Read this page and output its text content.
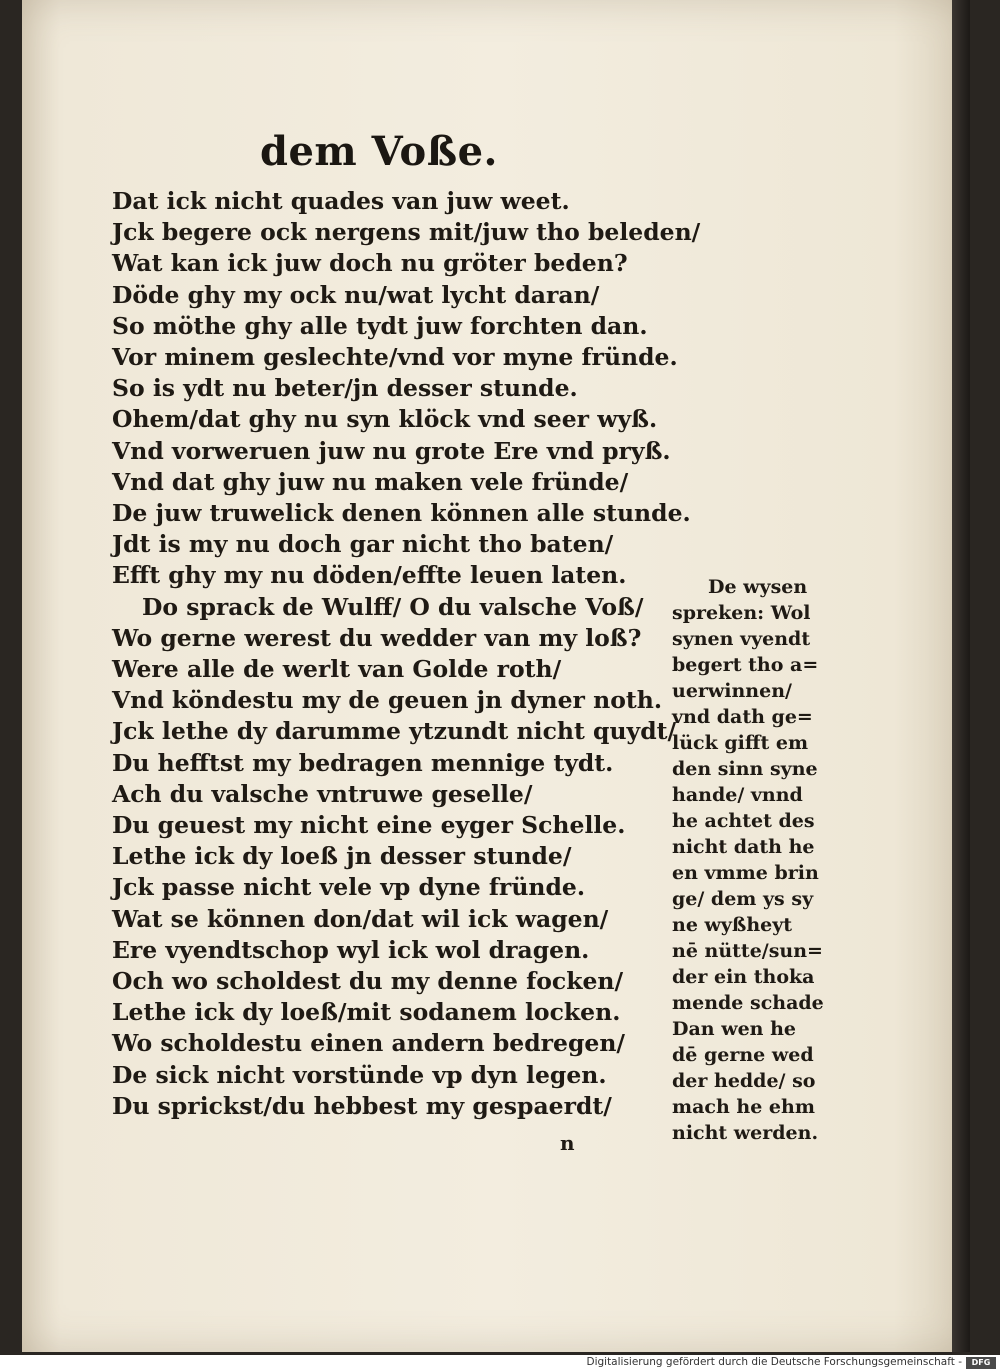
dem Voße.
Dat ick nicht quades van juw weet.
Jck begere ock nergens mit/juw tho beleden/
Wat kan ick juw doch nu gröter beden?
Döde ghy my ock nu/wat lycht daran/
So möthe ghy alle tydt juw forchten dan.
Vor minem geslechte/vnd vor myne fründe.
So is ydt nu beter/jn desser stunde.
Ohem/dat ghy nu syn klöck vnd seer wyß.
Vnd vorweruen juw nu grote Ere vnd pryß.
Vnd dat ghy juw nu maken vele fründe/
De juw truwelick denen können alle stunde.
Jdt is my nu doch gar nicht tho baten/
Efft ghy my nu döden/effte leuen laten.
Do sprack de Wulff/ O du valsche Voß/
Wo gerne werest du wedder van my loß?
Were alle de werlt van Golde roth/
Vnd köndestu my de geuen jn dyner noth.
Jck lethe dy darumme ytzundt nicht quydt/
Du hefftst my bedragen mennige tydt.
Ach du valsche vntruwe geselle/
Du geuest my nicht eine eyger Schelle.
Lethe ick dy loeß jn desser stunde/
Jck passe nicht vele vp dyne fründe.
Wat se können don/dat wil ick wagen/
Ere vyendtschop wyl ick wol dragen.
Och wo scholdest du my denne focken/
Lethe ick dy loeß/mit sodanem locken.
Wo scholdestu einen andern bedregen/
De sick nicht vorstünde vp dyn legen.
Du sprickst/du hebbest my gespaerdt/
De wysen
spreken: Wol
synen vyendt
begert tho a=
uerwinnen/
vnd dath ge=
lück gifft em
den sinn syne
hande/ vnnd
he achtet des
nicht dath he
en vmme brin
ge/ dem ys sy
ne wyßheyt
nē nütte/sun=
der ein thoka
mende schade
Dan wen he
dē gerne wed
der hedde/ so
mach he ehm
nicht werden.
n
Digitalisierung gefördert durch die Deutsche Forschungsgemeinschaft -	DFG
